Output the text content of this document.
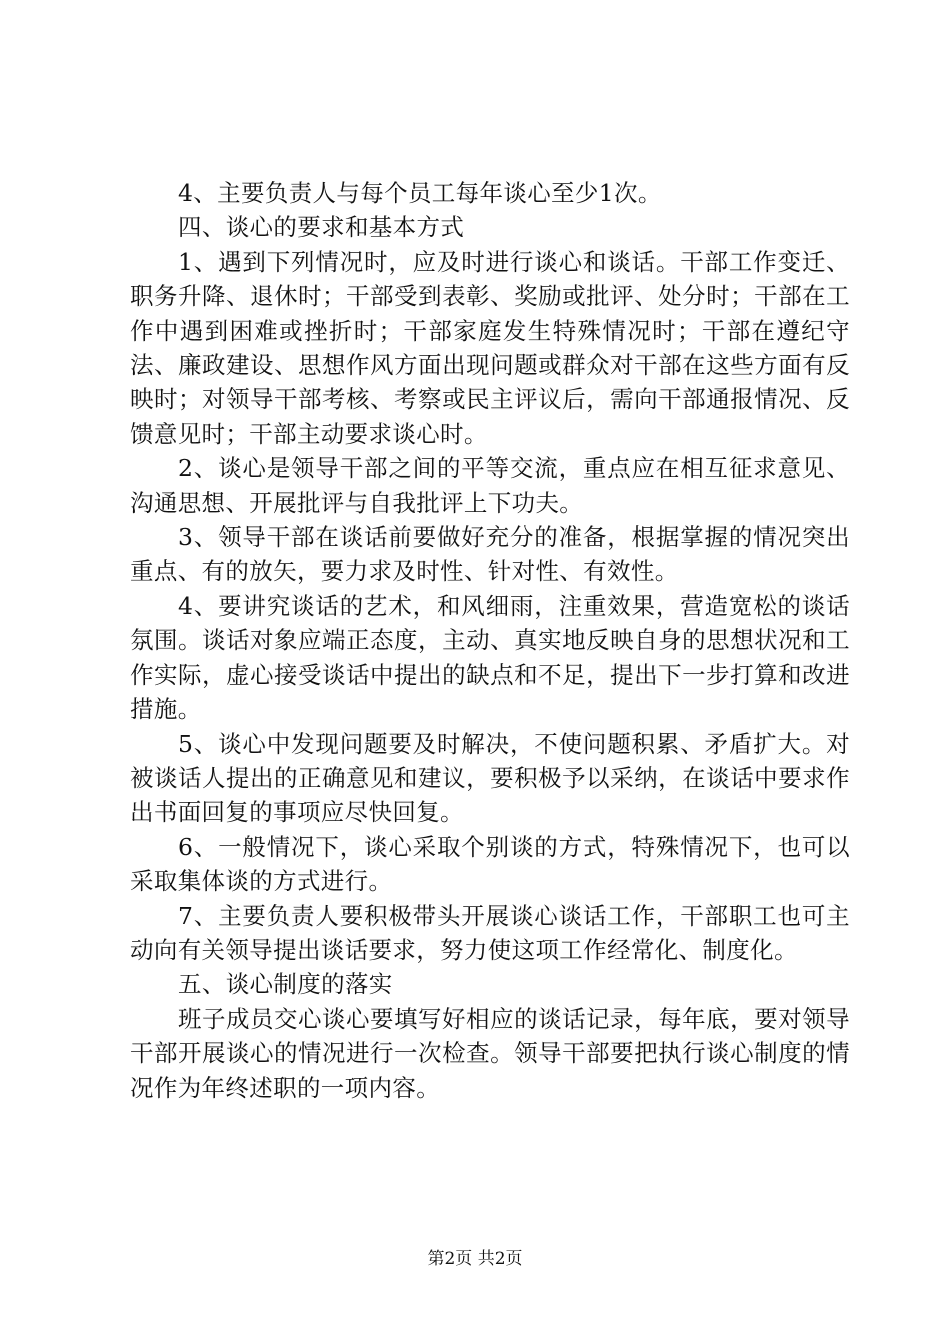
4、主要负责人与每个员工每年谈心至少1次。

四、谈心的要求和基本方式

1、遇到下列情况时，应及时进行谈心和谈话。干部工作变迁、职务升降、退休时；干部受到表彰、奖励或批评、处分时；干部在工作中遇到困难或挫折时；干部家庭发生特殊情况时；干部在遵纪守法、廉政建设、思想作风方面出现问题或群众对干部在这些方面有反映时；对领导干部考核、考察或民主评议后，需向干部通报情况、反馈意见时；干部主动要求谈心时。

2、谈心是领导干部之间的平等交流，重点应在相互征求意见、沟通思想、开展批评与自我批评上下功夫。

3、领导干部在谈话前要做好充分的准备，根据掌握的情况突出重点、有的放矢，要力求及时性、针对性、有效性。

4、要讲究谈话的艺术，和风细雨，注重效果，营造宽松的谈话氛围。谈话对象应端正态度，主动、真实地反映自身的思想状况和工作实际，虚心接受谈话中提出的缺点和不足，提出下一步打算和改进措施。

5、谈心中发现问题要及时解决，不使问题积累、矛盾扩大。对被谈话人提出的正确意见和建议，要积极予以采纳，在谈话中要求作出书面回复的事项应尽快回复。

6、一般情况下，谈心采取个别谈的方式，特殊情况下，也可以采取集体谈的方式进行。

7、主要负责人要积极带头开展谈心谈话工作，干部职工也可主动向有关领导提出谈话要求，努力使这项工作经常化、制度化。

五、谈心制度的落实

班子成员交心谈心要填写好相应的谈话记录，每年底，要对领导干部开展谈心的情况进行一次检查。领导干部要把执行谈心制度的情况作为年终述职的一项内容。

第2页 共2页
